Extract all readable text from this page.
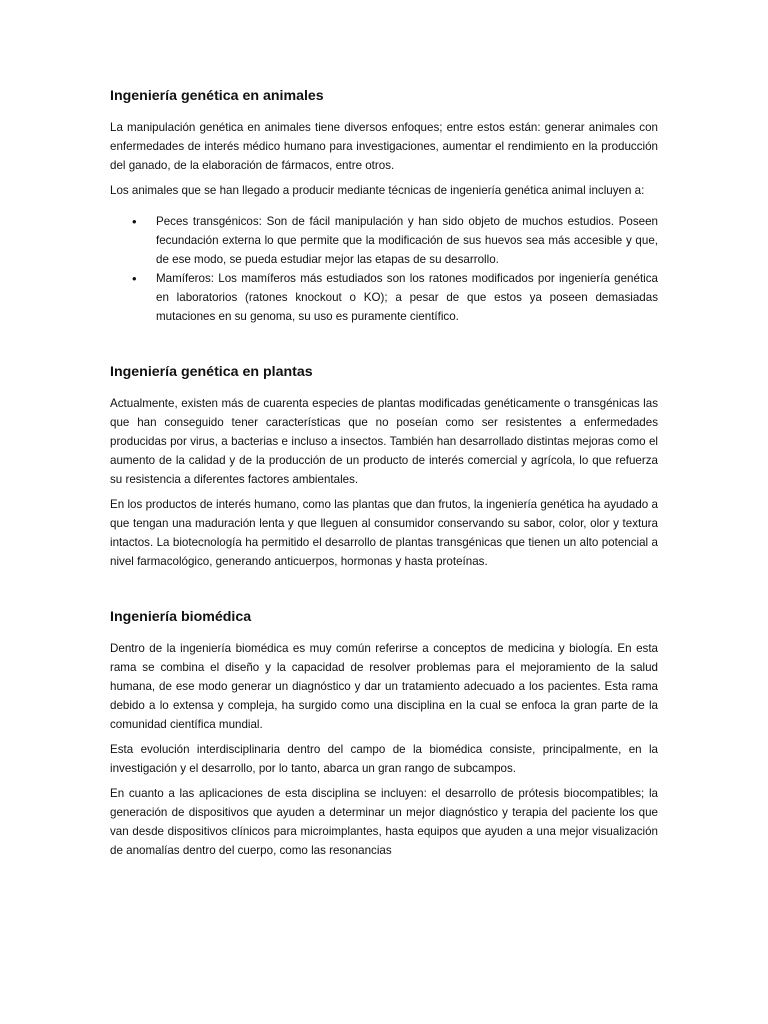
Ingeniería genética en animales

La manipulación genética en animales tiene diversos enfoques; entre estos están: generar animales con enfermedades de interés médico humano para investigaciones, aumentar el rendimiento en la producción del ganado, de la elaboración de fármacos, entre otros.

Los animales que se han llegado a producir mediante técnicas de ingeniería genética animal incluyen a:

• Peces transgénicos: Son de fácil manipulación y han sido objeto de muchos estudios. Poseen fecundación externa lo que permite que la modificación de sus huevos sea más accesible y que, de ese modo, se pueda estudiar mejor las etapas de su desarrollo.
• Mamíferos: Los mamíferos más estudiados son los ratones modificados por ingeniería genética en laboratorios (ratones knockout o KO); a pesar de que estos ya poseen demasiadas mutaciones en su genoma, su uso es puramente científico.
Ingeniería genética en plantas

Actualmente, existen más de cuarenta especies de plantas modificadas genéticamente o transgénicas las que han conseguido tener características que no poseían como ser resistentes a enfermedades producidas por virus, a bacterias e incluso a insectos. También han desarrollado distintas mejoras como el aumento de la calidad y de la producción de un producto de interés comercial y agrícola, lo que refuerza su resistencia a diferentes factores ambientales.

En los productos de interés humano, como las plantas que dan frutos, la ingeniería genética ha ayudado a que tengan una maduración lenta y que lleguen al consumidor conservando su sabor, color, olor y textura intactos. La biotecnología ha permitido el desarrollo de plantas transgénicas que tienen un alto potencial a nivel farmacológico, generando anticuerpos, hormonas y hasta proteínas.

Ingeniería biomédica

Dentro de la ingeniería biomédica es muy común referirse a conceptos de medicina y biología. En esta rama se combina el diseño y la capacidad de resolver problemas para el mejoramiento de la salud humana, de ese modo generar un diagnóstico y dar un tratamiento adecuado a los pacientes. Esta rama debido a lo extensa y compleja, ha surgido como una disciplina en la cual se enfoca la gran parte de la comunidad científica mundial.

Esta evolución interdisciplinaria dentro del campo de la biomédica consiste, principalmente, en la investigación y el desarrollo, por lo tanto, abarca un gran rango de subcampos.

En cuanto a las aplicaciones de esta disciplina se incluyen: el desarrollo de prótesis biocompatibles; la generación de dispositivos que ayuden a determinar un mejor diagnóstico y terapia del paciente los que van desde dispositivos clínicos para microimplantes, hasta equipos que ayuden a una mejor visualización de anomalías dentro del cuerpo, como las resonancias
